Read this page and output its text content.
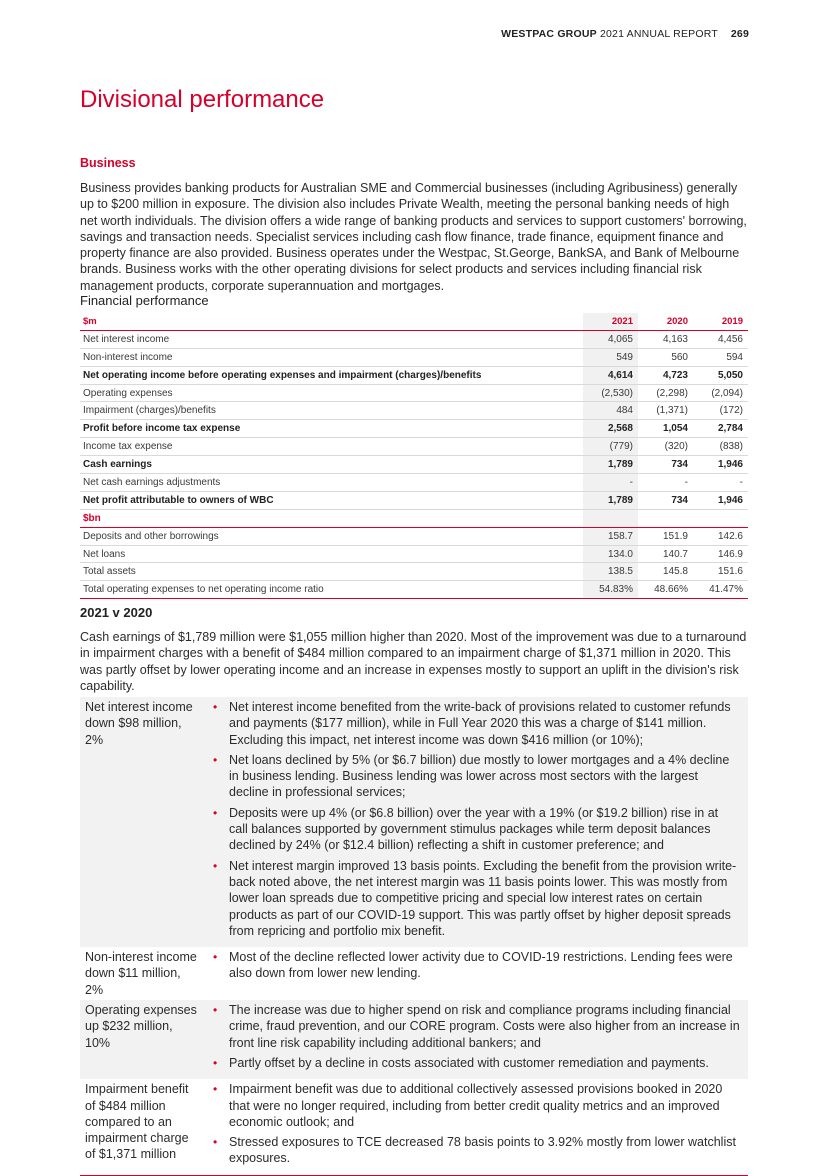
WESTPAC GROUP 2021 ANNUAL REPORT 269
Divisional performance
Business

Business provides banking products for Australian SME and Commercial businesses (including Agribusiness) generally up to $200 million in exposure. The division also includes Private Wealth, meeting the personal banking needs of high net worth individuals. The division offers a wide range of banking products and services to support customers' borrowing, savings and transaction needs. Specialist services including cash flow finance, trade finance, equipment finance and property finance are also provided. Business operates under the Westpac, St.George, BankSA, and Bank of Melbourne brands. Business works with the other operating divisions for select products and services including financial risk management products, corporate superannuation and mortgages.

Financial performance
$m	2021	2020	2019
Net interest income	4,065	4,163	4,456
Non-interest income	549	560	594
Net operating income before operating expenses and impairment (charges)/benefits	4,614	4,723	5,050
Operating expenses	(2,530)	(2,298)	(2,094)
Impairment (charges)/benefits	484	(1,371)	(172)
Profit before income tax expense	2,568	1,054	2,784
Income tax expense	(779)	(320)	(838)
Cash earnings	1,789	734	1,946
Net cash earnings adjustments	-	-	-
Net profit attributable to owners of WBC	1,789	734	1,946
$bn			
Deposits and other borrowings	158.7	151.9	142.6
Net loans	134.0	140.7	146.9
Total assets	138.5	145.8	151.6
Total operating expenses to net operating income ratio	54.83%	48.66%	41.47%
2021 v 2020

Cash earnings of $1,789 million were $1,055 million higher than 2020. Most of the improvement was due to a turnaround in impairment charges with a benefit of $484 million compared to an impairment charge of $1,371 million in 2020. This was partly offset by lower operating income and an increase in expenses mostly to support an uplift in the division's risk capability.

Net interest income down $98 million, 2%
• Net interest income benefited from the write-back of provisions related to customer refunds and payments ($177 million), while in Full Year 2020 this was a charge of $141 million. Excluding this impact, net interest income was down $416 million (or 10%);
• Net loans declined by 5% (or $6.7 billion) due mostly to lower mortgages and a 4% decline in business lending. Business lending was lower across most sectors with the largest decline in professional services;
• Deposits were up 4% (or $6.8 billion) over the year with a 19% (or $19.2 billion) rise in at call balances supported by government stimulus packages while term deposit balances declined by 24% (or $12.4 billion) reflecting a shift in customer preference; and
• Net interest margin improved 13 basis points. Excluding the benefit from the provision write-back noted above, the net interest margin was 11 basis points lower. This was mostly from lower loan spreads due to competitive pricing and special low interest rates on certain products as part of our COVID-19 support. This was partly offset by higher deposit spreads from repricing and portfolio mix benefit.
Non-interest income down $11 million, 2%
• Most of the decline reflected lower activity due to COVID-19 restrictions. Lending fees were also down from lower new lending.
Operating expenses up $232 million, 10%
• The increase was due to higher spend on risk and compliance programs including financial crime, fraud prevention, and our CORE program. Costs were also higher from an increase in front line risk capability including additional bankers; and
• Partly offset by a decline in costs associated with customer remediation and payments.
Impairment benefit of $484 million compared to an impairment charge of $1,371 million
• Impairment benefit was due to additional collectively assessed provisions booked in 2020 that were no longer required, including from better credit quality metrics and an improved economic outlook; and
• Stressed exposures to TCE decreased 78 basis points to 3.92% mostly from lower watchlist exposures.
